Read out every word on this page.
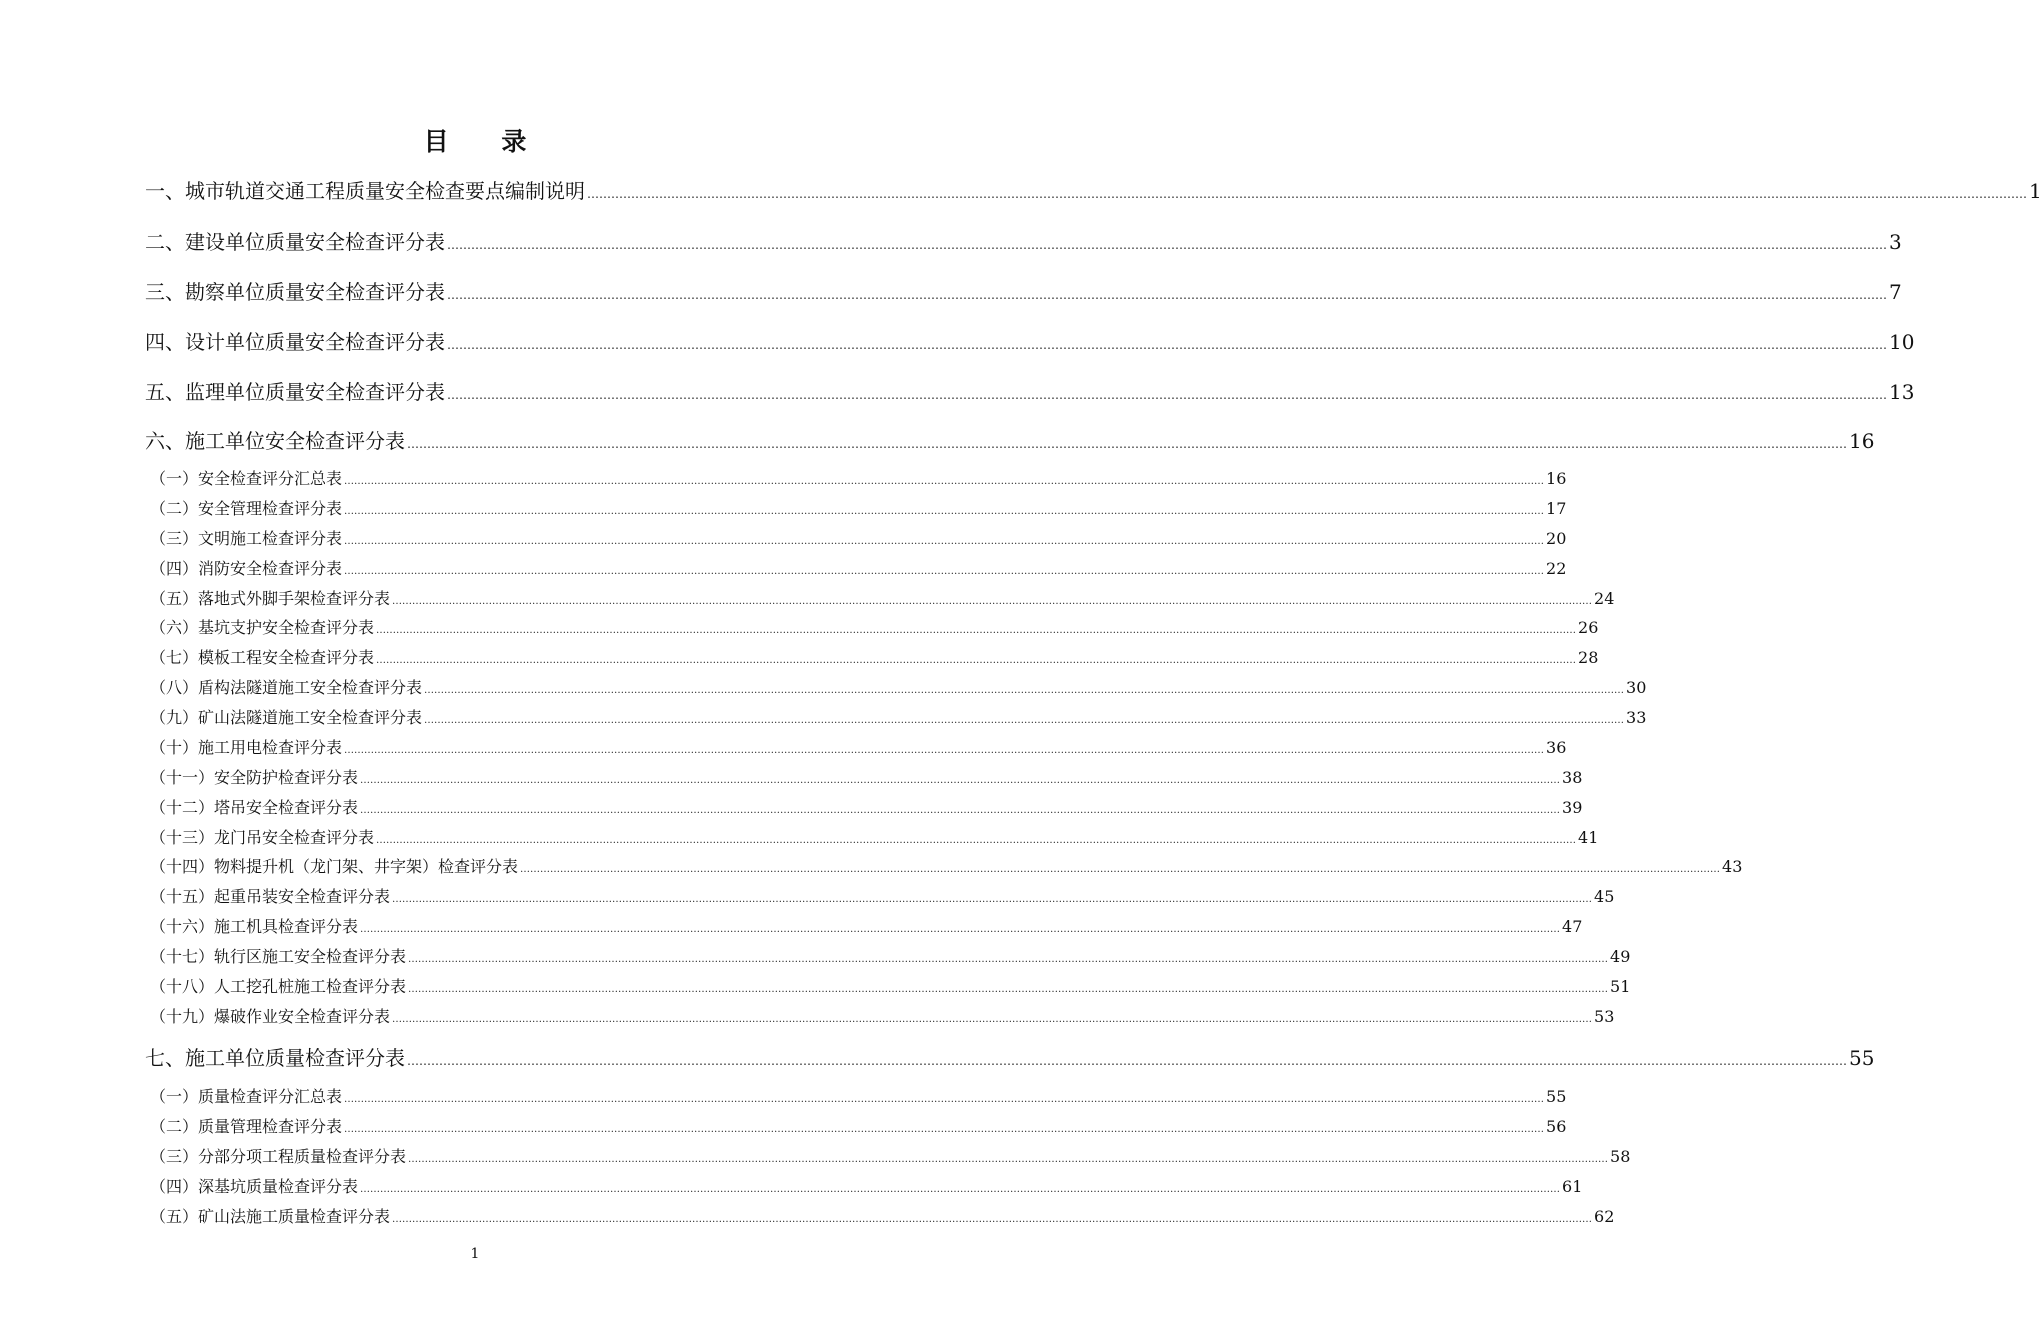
目 录
一、城市轨道交通工程质量安全检查要点编制说明 ……………………………………………………………………………………………………………………………………………………………………………………………………………………………………………………………………………………………………………………………… 1
二、建设单位质量安全检查评分表 ……………………………………………………………………………………………………………………………………………………………………………………………………………………………………………………………………………………………………………………………… 3
三、勘察单位质量安全检查评分表 ……………………………………………………………………………………………………………………………………………………………………………………………………………………………………………………………………………………………………………………………… 7
四、设计单位质量安全检查评分表 ……………………………………………………………………………………………………………………………………………………………………………………………………………………………………………………………………………………………………………………………… 10
五、监理单位质量安全检查评分表 ……………………………………………………………………………………………………………………………………………………………………………………………………………………………………………………………………………………………………………………………… 13
六、施工单位安全检查评分表 ……………………………………………………………………………………………………………………………………………………………………………………………………………………………………………………………………………………………………………………………… 16
（一）安全检查评分汇总表 ……………………………………………………………………………………………………………………………………………………………………………………………………………………………………………………………………………………………………………………………… 16
（二）安全管理检查评分表 ……………………………………………………………………………………………………………………………………………………………………………………………………………………………………………………………………………………………………………………………… 17
（三）文明施工检查评分表 ……………………………………………………………………………………………………………………………………………………………………………………………………………………………………………………………………………………………………………………………… 20
（四）消防安全检查评分表 ……………………………………………………………………………………………………………………………………………………………………………………………………………………………………………………………………………………………………………………………… 22
（五）落地式外脚手架检查评分表 ……………………………………………………………………………………………………………………………………………………………………………………………………………………………………………………………………………………………………………………………… 24
（六）基坑支护安全检查评分表 ……………………………………………………………………………………………………………………………………………………………………………………………………………………………………………………………………………………………………………………………… 26
（七）模板工程安全检查评分表 ……………………………………………………………………………………………………………………………………………………………………………………………………………………………………………………………………………………………………………………………… 28
（八）盾构法隧道施工安全检查评分表 ……………………………………………………………………………………………………………………………………………………………………………………………………………………………………………………………………………………………………………………………… 30
（九）矿山法隧道施工安全检查评分表 ……………………………………………………………………………………………………………………………………………………………………………………………………………………………………………………………………………………………………………………………… 33
（十）施工用电检查评分表 ……………………………………………………………………………………………………………………………………………………………………………………………………………………………………………………………………………………………………………………………… 36
（十一）安全防护检查评分表 ……………………………………………………………………………………………………………………………………………………………………………………………………………………………………………………………………………………………………………………………… 38
（十二）塔吊安全检查评分表 ……………………………………………………………………………………………………………………………………………………………………………………………………………………………………………………………………………………………………………………………… 39
（十三）龙门吊安全检查评分表 ……………………………………………………………………………………………………………………………………………………………………………………………………………………………………………………………………………………………………………………………… 41
（十四）物料提升机（龙门架、井字架）检查评分表 ……………………………………………………………………………………………………………………………………………………………………………………………………………………………………………………………………………………………………………………………… 43
（十五）起重吊装安全检查评分表 ……………………………………………………………………………………………………………………………………………………………………………………………………………………………………………………………………………………………………………………………… 45
（十六）施工机具检查评分表 ……………………………………………………………………………………………………………………………………………………………………………………………………………………………………………………………………………………………………………………………… 47
（十七）轨行区施工安全检查评分表 ……………………………………………………………………………………………………………………………………………………………………………………………………………………………………………………………………………………………………………………………… 49
（十八）人工挖孔桩施工检查评分表 ……………………………………………………………………………………………………………………………………………………………………………………………………………………………………………………………………………………………………………………………… 51
（十九）爆破作业安全检查评分表 ……………………………………………………………………………………………………………………………………………………………………………………………………………………………………………………………………………………………………………………………… 53
七、施工单位质量检查评分表 ……………………………………………………………………………………………………………………………………………………………………………………………………………………………………………………………………………………………………………………………… 55
（一）质量检查评分汇总表 ……………………………………………………………………………………………………………………………………………………………………………………………………………………………………………………………………………………………………………………………… 55
（二）质量管理检查评分表 ……………………………………………………………………………………………………………………………………………………………………………………………………………………………………………………………………………………………………………………………… 56
（三）分部分项工程质量检查评分表 ……………………………………………………………………………………………………………………………………………………………………………………………………………………………………………………………………………………………………………………………… 58
（四）深基坑质量检查评分表 ……………………………………………………………………………………………………………………………………………………………………………………………………………………………………………………………………………………………………………………………… 61
（五）矿山法施工质量检查评分表 ……………………………………………………………………………………………………………………………………………………………………………………………………………………………………………………………………………………………………………………………… 62
1
